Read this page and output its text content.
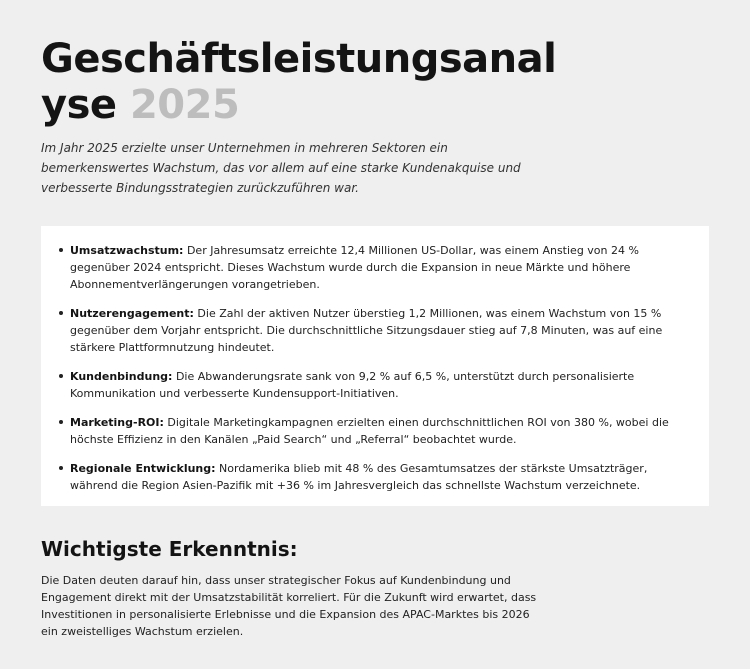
Geschäftsleistungsanalyse 2025

Im Jahr 2025 erzielte unser Unternehmen in mehreren Sektoren ein bemerkenswertes Wachstum, das vor allem auf eine starke Kundenakquise und verbesserte Bindungsstrategien zurückzuführen war.

Umsatzwachstum: Der Jahresumsatz erreichte 12,4 Millionen US-Dollar, was einem Anstieg von 24 % gegenüber 2024 entspricht. Dieses Wachstum wurde durch die Expansion in neue Märkte und höhere Abonnementverlängerungen vorangetrieben.
Nutzerengagement: Die Zahl der aktiven Nutzer überstieg 1,2 Millionen, was einem Wachstum von 15 % gegenüber dem Vorjahr entspricht. Die durchschnittliche Sitzungsdauer stieg auf 7,8 Minuten, was auf eine stärkere Plattformnutzung hindeutet.
Kundenbindung: Die Abwanderungsrate sank von 9,2 % auf 6,5 %, unterstützt durch personalisierte Kommunikation und verbesserte Kundensupport-Initiativen.
Marketing-ROI: Digitale Marketingkampagnen erzielten einen durchschnittlichen ROI von 380 %, wobei die höchste Effizienz in den Kanälen „Paid Search“ und „Referral“ beobachtet wurde.
Regionale Entwicklung: Nordamerika blieb mit 48 % des Gesamtumsatzes der stärkste Umsatzträger, während die Region Asien-Pazifik mit +36 % im Jahresvergleich das schnellste Wachstum verzeichnete.
Wichtigste Erkenntnis:

Die Daten deuten darauf hin, dass unser strategischer Fokus auf Kundenbindung und Engagement direkt mit der Umsatzstabilität korreliert. Für die Zukunft wird erwartet, dass Investitionen in personalisierte Erlebnisse und die Expansion des APAC-Marktes bis 2026 ein zweistelliges Wachstum erzielen.
